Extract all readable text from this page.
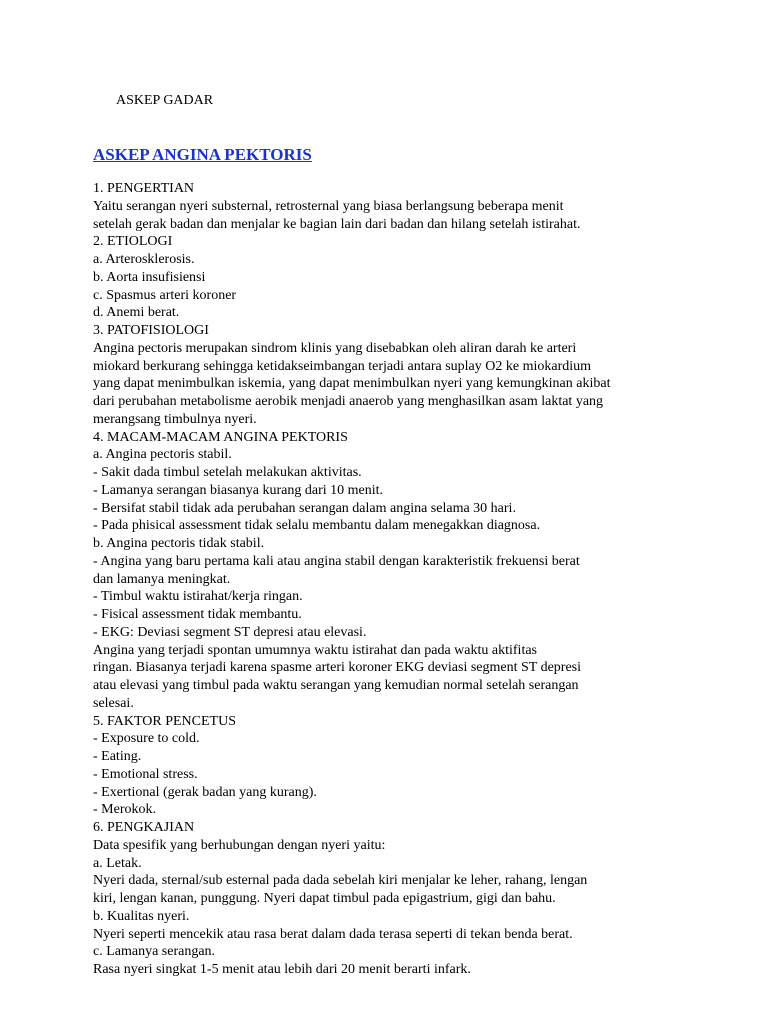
ASKEP GADAR
ASKEP ANGINA PEKTORIS
1. PENGERTIAN
Yaitu serangan nyeri substernal, retrosternal yang biasa berlangsung beberapa menit
setelah gerak badan dan menjalar ke bagian lain dari badan dan hilang setelah istirahat.
2. ETIOLOGI
a. Arterosklerosis.
b. Aorta insufisiensi
c. Spasmus arteri koroner
d. Anemi berat.
3. PATOFISIOLOGI
Angina pectoris merupakan sindrom klinis yang disebabkan oleh aliran darah ke arteri
miokard berkurang sehingga ketidakseimbangan terjadi antara suplay O2 ke miokardium
yang dapat menimbulkan iskemia, yang dapat menimbulkan nyeri yang kemungkinan akibat
dari perubahan metabolisme aerobik menjadi anaerob yang menghasilkan asam laktat yang
merangsang timbulnya nyeri.
4. MACAM-MACAM ANGINA PEKTORIS
a. Angina pectoris stabil.
- Sakit dada timbul setelah melakukan aktivitas.
- Lamanya serangan biasanya kurang dari 10 menit.
- Bersifat stabil tidak ada perubahan serangan dalam angina selama 30 hari.
- Pada phisical assessment tidak selalu membantu dalam menegakkan diagnosa.
b. Angina pectoris tidak stabil.
- Angina yang baru pertama kali atau angina stabil dengan karakteristik frekuensi berat
dan lamanya meningkat.
- Timbul waktu istirahat/kerja ringan.
- Fisical assessment tidak membantu.
- EKG: Deviasi segment ST depresi atau elevasi.
Angina yang terjadi spontan umumnya waktu istirahat dan pada waktu aktifitas
ringan. Biasanya terjadi karena spasme arteri koroner EKG deviasi segment ST depresi
atau elevasi yang timbul pada waktu serangan yang kemudian normal setelah serangan
selesai.
5. FAKTOR PENCETUS
- Exposure to cold.
- Eating.
- Emotional stress.
- Exertional (gerak badan yang kurang).
- Merokok.
6. PENGKAJIAN
Data spesifik yang berhubungan dengan nyeri yaitu:
a. Letak.
Nyeri dada, sternal/sub esternal pada dada sebelah kiri menjalar ke leher, rahang, lengan
kiri, lengan kanan, punggung. Nyeri dapat timbul pada epigastrium, gigi dan bahu.
b. Kualitas nyeri.
Nyeri seperti mencekik atau rasa berat dalam dada terasa seperti di tekan benda berat.
c. Lamanya serangan.
Rasa nyeri singkat 1-5 menit atau lebih dari 20 menit berarti infark.
